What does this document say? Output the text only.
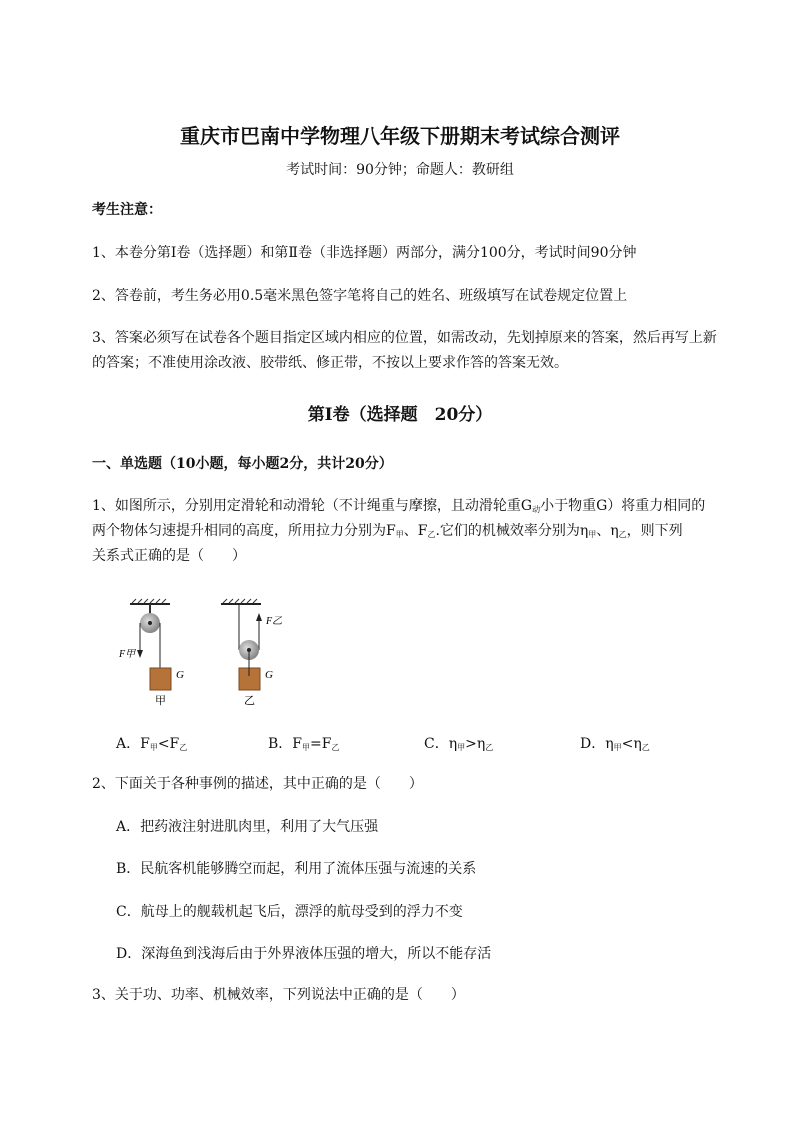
重庆市巴南中学物理八年级下册期末考试综合测评
考试时间：90分钟；命题人：教研组
考生注意：
1、本卷分第I卷（选择题）和第Ⅱ卷（非选择题）两部分，满分100分，考试时间90分钟
2、答卷前，考生务必用0.5毫米黑色签字笔将自己的姓名、班级填写在试卷规定位置上
3、答案必须写在试卷各个题目指定区域内相应的位置，如需改动，先划掉原来的答案，然后再写上新
的答案；不准使用涂改液、胶带纸、修正带，不按以上要求作答的答案无效。
第I卷（选择题　20分）
一、单选题（10小题，每小题2分，共计20分）
1、如图所示，分别用定滑轮和动滑轮（不计绳重与摩擦，且动滑轮重$G_动$小于物重G）将重力相同的
两个物体匀速提升相同的高度，所用拉力分别为$F_甲$、$F_乙$.它们的机械效率分别为$\eta_甲$、$\eta_乙$，则下列
关系式正确的是（　　）
F甲
G
甲
F乙
G
乙
A．$F_甲<F_乙$	B．$F_甲=F_乙$	C．$\eta_甲>\eta_乙$	D．$\eta_甲<\eta_乙$
2、下面关于各种事例的描述，其中正确的是（　　）
A．把药液注射进肌肉里，利用了大气压强
B．民航客机能够腾空而起，利用了流体压强与流速的关系
C．航母上的舰载机起飞后，漂浮的航母受到的浮力不变
D．深海鱼到浅海后由于外界液体压强的增大，所以不能存活
3、关于功、功率、机械效率，下列说法中正确的是（　　）
